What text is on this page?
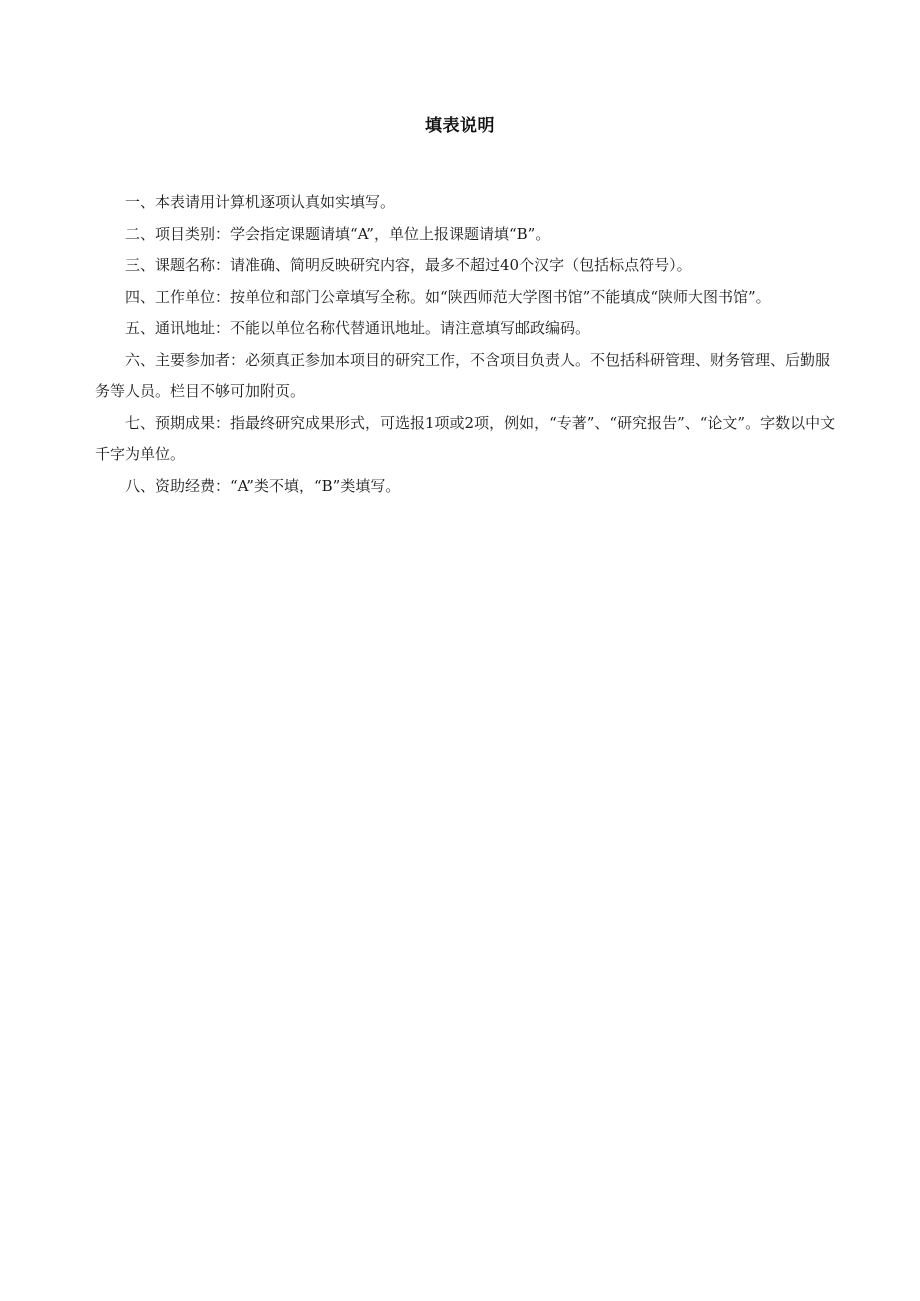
填表说明

一、本表请用计算机逐项认真如实填写。

二、项目类别：学会指定课题请填“A”，单位上报课题请填“B”。

三、课题名称：请准确、简明反映研究内容，最多不超过40个汉字（包括标点符号）。

四、工作单位：按单位和部门公章填写全称。如“陕西师范大学图书馆”不能填成“陕师大图书馆”。

五、通讯地址：不能以单位名称代替通讯地址。请注意填写邮政编码。

六、主要参加者：必须真正参加本项目的研究工作，不含项目负责人。不包括科研管理、财务管理、后勤服务等人员。栏目不够可加附页。

七、预期成果：指最终研究成果形式，可选报1项或2项，例如，“专著”、“研究报告”、“论文”。字数以中文千字为单位。

八、资助经费：“A”类不填，“B”类填写。
